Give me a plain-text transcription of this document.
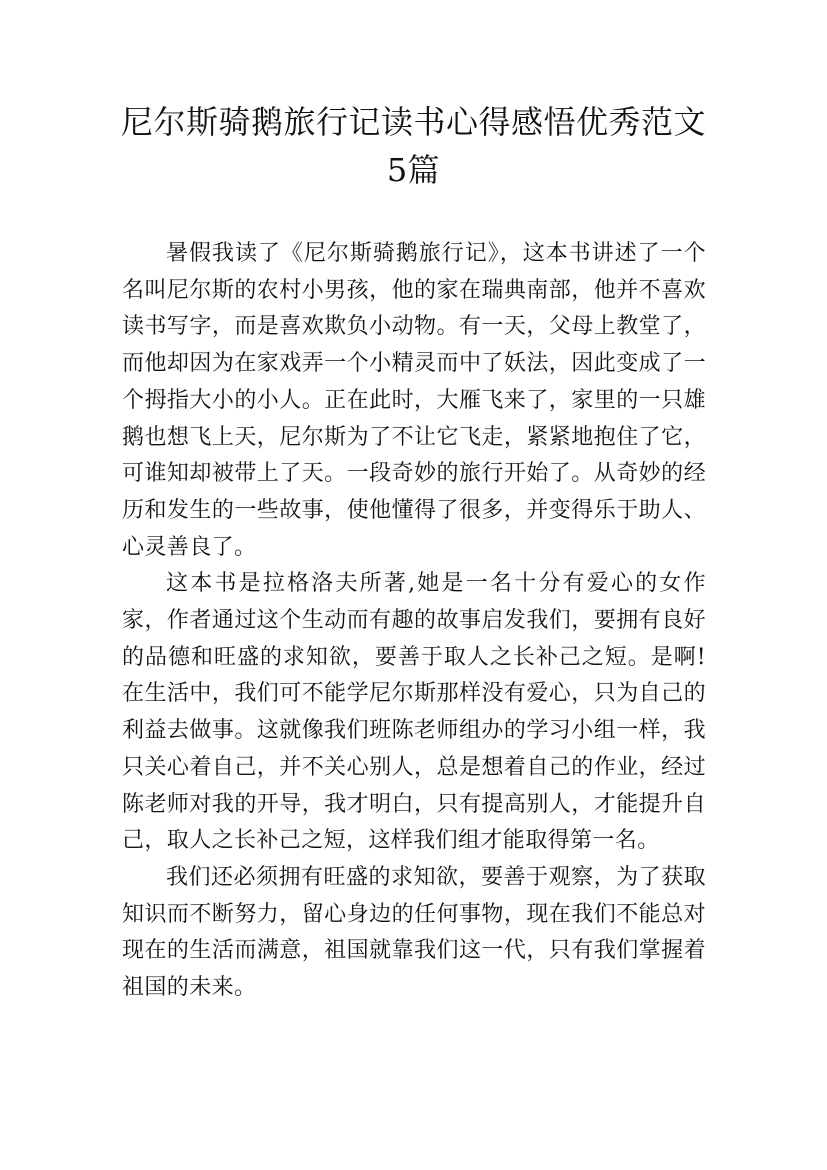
尼尔斯骑鹅旅行记读书心得感悟优秀范文
5篇

暑假我读了《尼尔斯骑鹅旅行记》，这本书讲述了一个名叫尼尔斯的农村小男孩，他的家在瑞典南部，他并不喜欢读书写字，而是喜欢欺负小动物。有一天，父母上教堂了，而他却因为在家戏弄一个小精灵而中了妖法，因此变成了一个拇指大小的小人。正在此时，大雁飞来了，家里的一只雄鹅也想飞上天，尼尔斯为了不让它飞走，紧紧地抱住了它，可谁知却被带上了天。一段奇妙的旅行开始了。从奇妙的经历和发生的一些故事，使他懂得了很多，并变得乐于助人、心灵善良了。

这本书是拉格洛夫所著,她是一名十分有爱心的女作家，作者通过这个生动而有趣的故事启发我们，要拥有良好的品德和旺盛的求知欲，要善于取人之长补己之短。是啊!在生活中，我们可不能学尼尔斯那样没有爱心，只为自己的利益去做事。这就像我们班陈老师组办的学习小组一样，我只关心着自己，并不关心别人，总是想着自己的作业，经过陈老师对我的开导，我才明白，只有提高别人，才能提升自己，取人之长补己之短，这样我们组才能取得第一名。

我们还必须拥有旺盛的求知欲，要善于观察，为了获取知识而不断努力，留心身边的任何事物，现在我们不能总对现在的生活而满意，祖国就靠我们这一代，只有我们掌握着祖国的未来。
